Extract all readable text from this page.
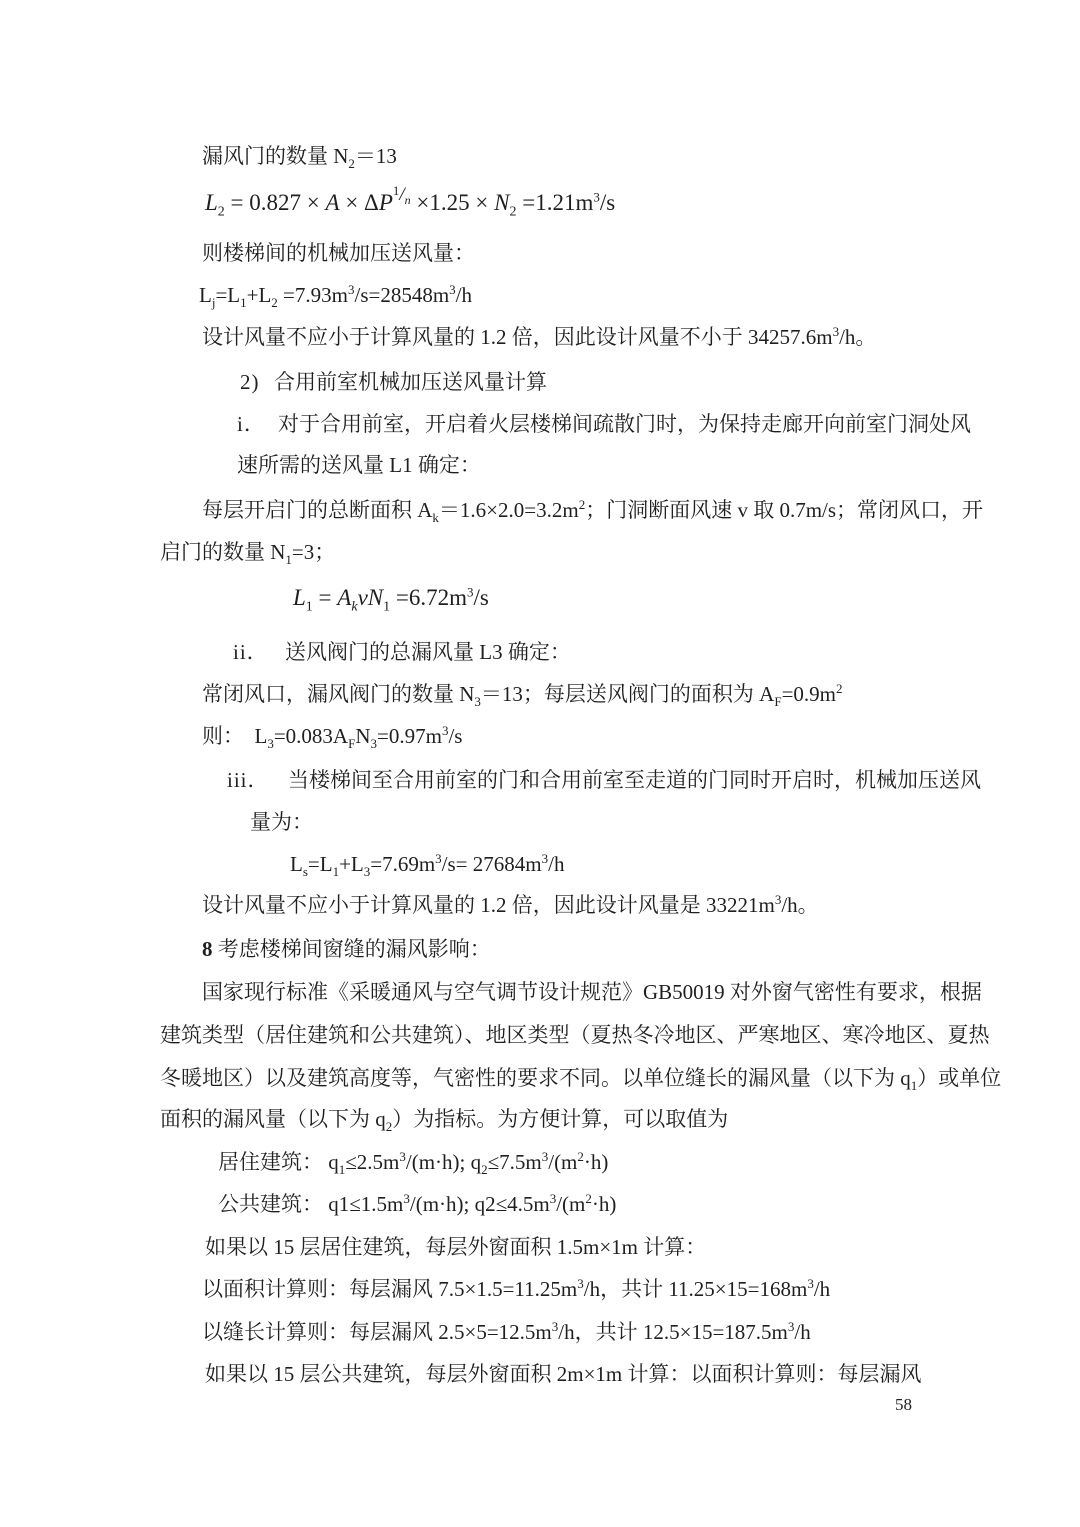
漏风门的数量 $N_2=13$
$L_2 = 0.827 \times A \times \Delta P^{1/n} \times 1.25 \times N_2 =1.21m^3/s$
则楼梯间的机械加压送风量：
$L_j=L_1+L_2 =7.93m^3/s=28548m^3/h$
设计风量不应小于计算风量的 1.2 倍，因此设计风量不小于 $34257.6m^3/h$。
2) 合用前室机械加压送风量计算
i． 对于合用前室，开启着火层楼梯间疏散门时，为保持走廊开向前室门洞处风
速所需的送风量 L1 确定：
每层开启门的总断面积 $A_k=1.6\times 2.0=3.2m^2$；门洞断面风速 v 取 0.7m/s；常闭风口，开
启门的数量 $N_1=3$；
$L_1 = A_kvN_1 =6.72m^3/s$
ii． 送风阀门的总漏风量 L3 确定：
常闭风口，漏风阀门的数量 $N_3=13$；每层送风阀门的面积为 $A_F=0.9m^2$
则：　$L_3=0.083A_FN_3=0.97m^3/s$
iii． 当楼梯间至合用前室的门和合用前室至走道的门同时开启时，机械加压送风
量为：
$L_s=L_1+L_3=7.69m^3/s= 27684m^3/h$
设计风量不应小于计算风量的 1.2 倍，因此设计风量是 $33221m^3/h$。
8 考虑楼梯间窗缝的漏风影响：
国家现行标准《采暖通风与空气调节设计规范》GB50019 对外窗气密性有要求，根据
建筑类型（居住建筑和公共建筑）、地区类型（夏热冬冷地区、严寒地区、寒冷地区、夏热
冬暖地区）以及建筑高度等，气密性的要求不同。以单位缝长的漏风量（以下为 $q_1$）或单位
面积的漏风量（以下为 $q_2$）为指标。为方便计算，可以取值为
居住建筑： $q_1\le 2.5m^3/(m\cdot h)$; $q_2\le 7.5m^3/(m^2\cdot h)$
公共建筑： $q1\le 1.5m^3/(m\cdot h)$; $q2\le 4.5m^3/(m^2\cdot h)$
如果以 15 层居住建筑，每层外窗面积 1.5m×1m 计算：
以面积计算则：每层漏风 $7.5\times 1.5=11.25m^3/h$，共计 $11.25\times 15=168m^3/h$
以缝长计算则：每层漏风 $2.5\times 5=12.5m^3/h$，共计 $12.5\times 15=187.5m^3/h$
如果以 15 层公共建筑，每层外窗面积 2m×1m 计算：以面积计算则：每层漏风
58
